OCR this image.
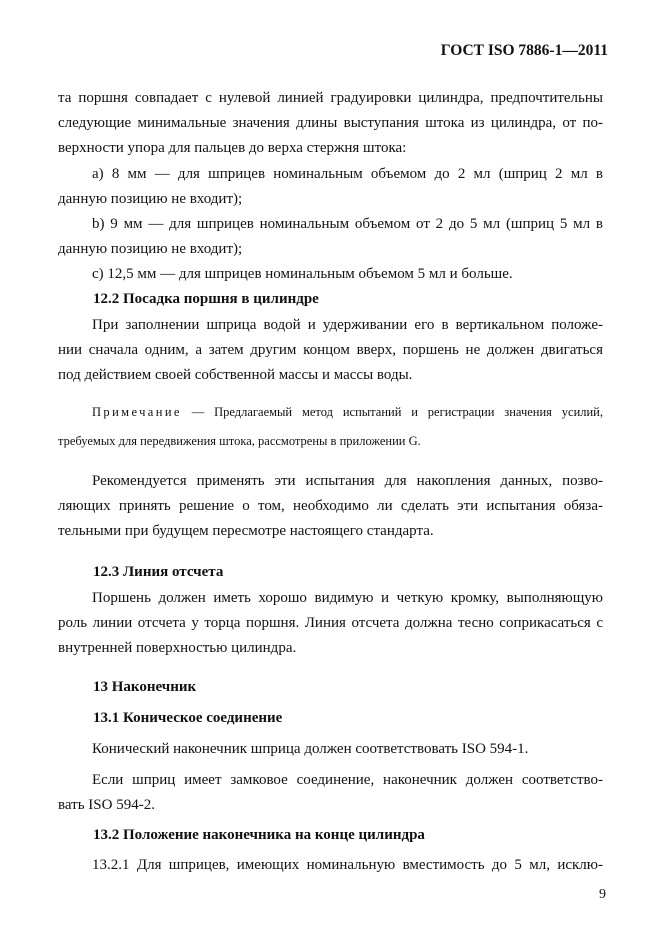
ГОСТ ISO 7886-1—2011
та поршня совпадает с нулевой линией градуировки цилиндра, предпочтительны
следующие минимальные значения длины выступания штока из цилиндра, от по-
верхности упора для пальцев до верха стержня штока:
а) 8 мм — для шприцев номинальным объемом до 2 мл (шприц 2 мл в
данную позицию не входит);
b) 9 мм — для шприцев номинальным объемом от 2 до 5 мл (шприц 5 мл в
данную позицию не входит);
c) 12,5 мм — для шприцев номинальным объемом 5 мл и больше.
12.2 Посадка поршня в цилиндре
При заполнении шприца водой и удерживании его в вертикальном положе-
нии сначала одним, а затем другим концом вверх, поршень не должен двигаться
под действием своей собственной массы и массы воды.
Примечание — Предлагаемый метод испытаний и регистрации значения усилий,
требуемых для передвижения штока, рассмотрены в приложении G.
Рекомендуется применять эти испытания для накопления данных, позво-
ляющих принять решение о том, необходимо ли сделать эти испытания обяза-
тельными при будущем пересмотре настоящего стандарта.
12.3 Линия отсчета
Поршень должен иметь хорошо видимую и четкую кромку, выполняющую
роль линии отсчета у торца поршня. Линия отсчета должна тесно соприкасаться с
внутренней поверхностью цилиндра.
13 Наконечник
13.1 Коническое соединение
Конический наконечник шприца должен соответствовать ISO 594-1.
Если шприц имеет замковое соединение, наконечник должен соответство-
вать ISO 594-2.
13.2 Положение наконечника на конце цилиндра
13.2.1 Для шприцев, имеющих номинальную вместимость до 5 мл, исклю-
9
